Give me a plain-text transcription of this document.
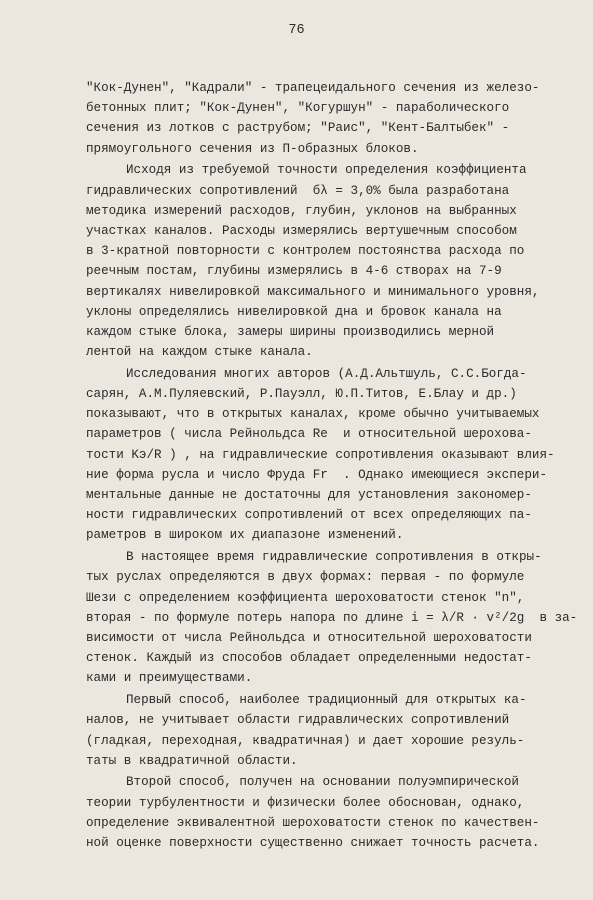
76
"Кок-Дунен", "Кадрали" - трапецеидального сечения из железо-
бетонных плит; "Кок-Дунен", "Когуршун" - параболического
сечения из лотков с раструбом; "Раис", "Кент-Балтыбек" -
прямоугольного сечения из П-образных блоков.
Исходя из требуемой точности определения коэффициента
гидравлических сопротивлений  бλ = 3,0% была разработана
методика измерений расходов, глубин, уклонов на выбранных
участках каналов. Расходы измерялись вертушечным способом
в 3-кратной повторности с контролем постоянства расхода по
реечным постам, глубины измерялись в 4-6 створах на 7-9
вертикалях нивелировкой максимального и минимального уровня,
уклоны определялись нивелировкой дна и бровок канала на
каждом стыке блока, замеры ширины производились мерной
лентой на каждом стыке канала.
Исследования многих авторов (А.Д.Альтшуль, С.С.Богда-
сарян, А.М.Пуляевский, Р.Пауэлл, Ю.П.Титов, Е.Блау и др.)
показывают, что в открытых каналах, кроме обычно учитываемых
параметров ( числа Рейнольдса Re  и относительной шерохова-
тости Kэ/R ) , на гидравлические сопротивления оказывают влия-
ние форма русла и число Фруда Fr  . Однако имеющиеся экспери-
ментальные данные не достаточны для установления закономер-
ности гидравлических сопротивлений от всех определяющих па-
раметров в широком их диапазоне изменений.
В настоящее время гидравлические сопротивления в откры-
тых руслах определяются в двух формах: первая - по формуле
Шези с определением коэффициента шероховатости стенок "n",
вторая - по формуле потерь напора по длине i = λ/R · v²/2g  в за-
висимости от числа Рейнольдса и относительной шероховатости
стенок. Каждый из способов обладает определенными недостат-
ками и преимуществами.
Первый способ, наиболее традиционный для открытых ка-
налов, не учитывает области гидравлических сопротивлений
(гладкая, переходная, квадратичная) и дает хорошие резуль-
таты в квадратичной области.
Второй способ, получен на основании полуэмпирической
теории турбулентности и физически более обоснован, однако,
определение эквивалентной шероховатости стенок по качествен-
ной оценке поверхности существенно снижает точность расчета.
